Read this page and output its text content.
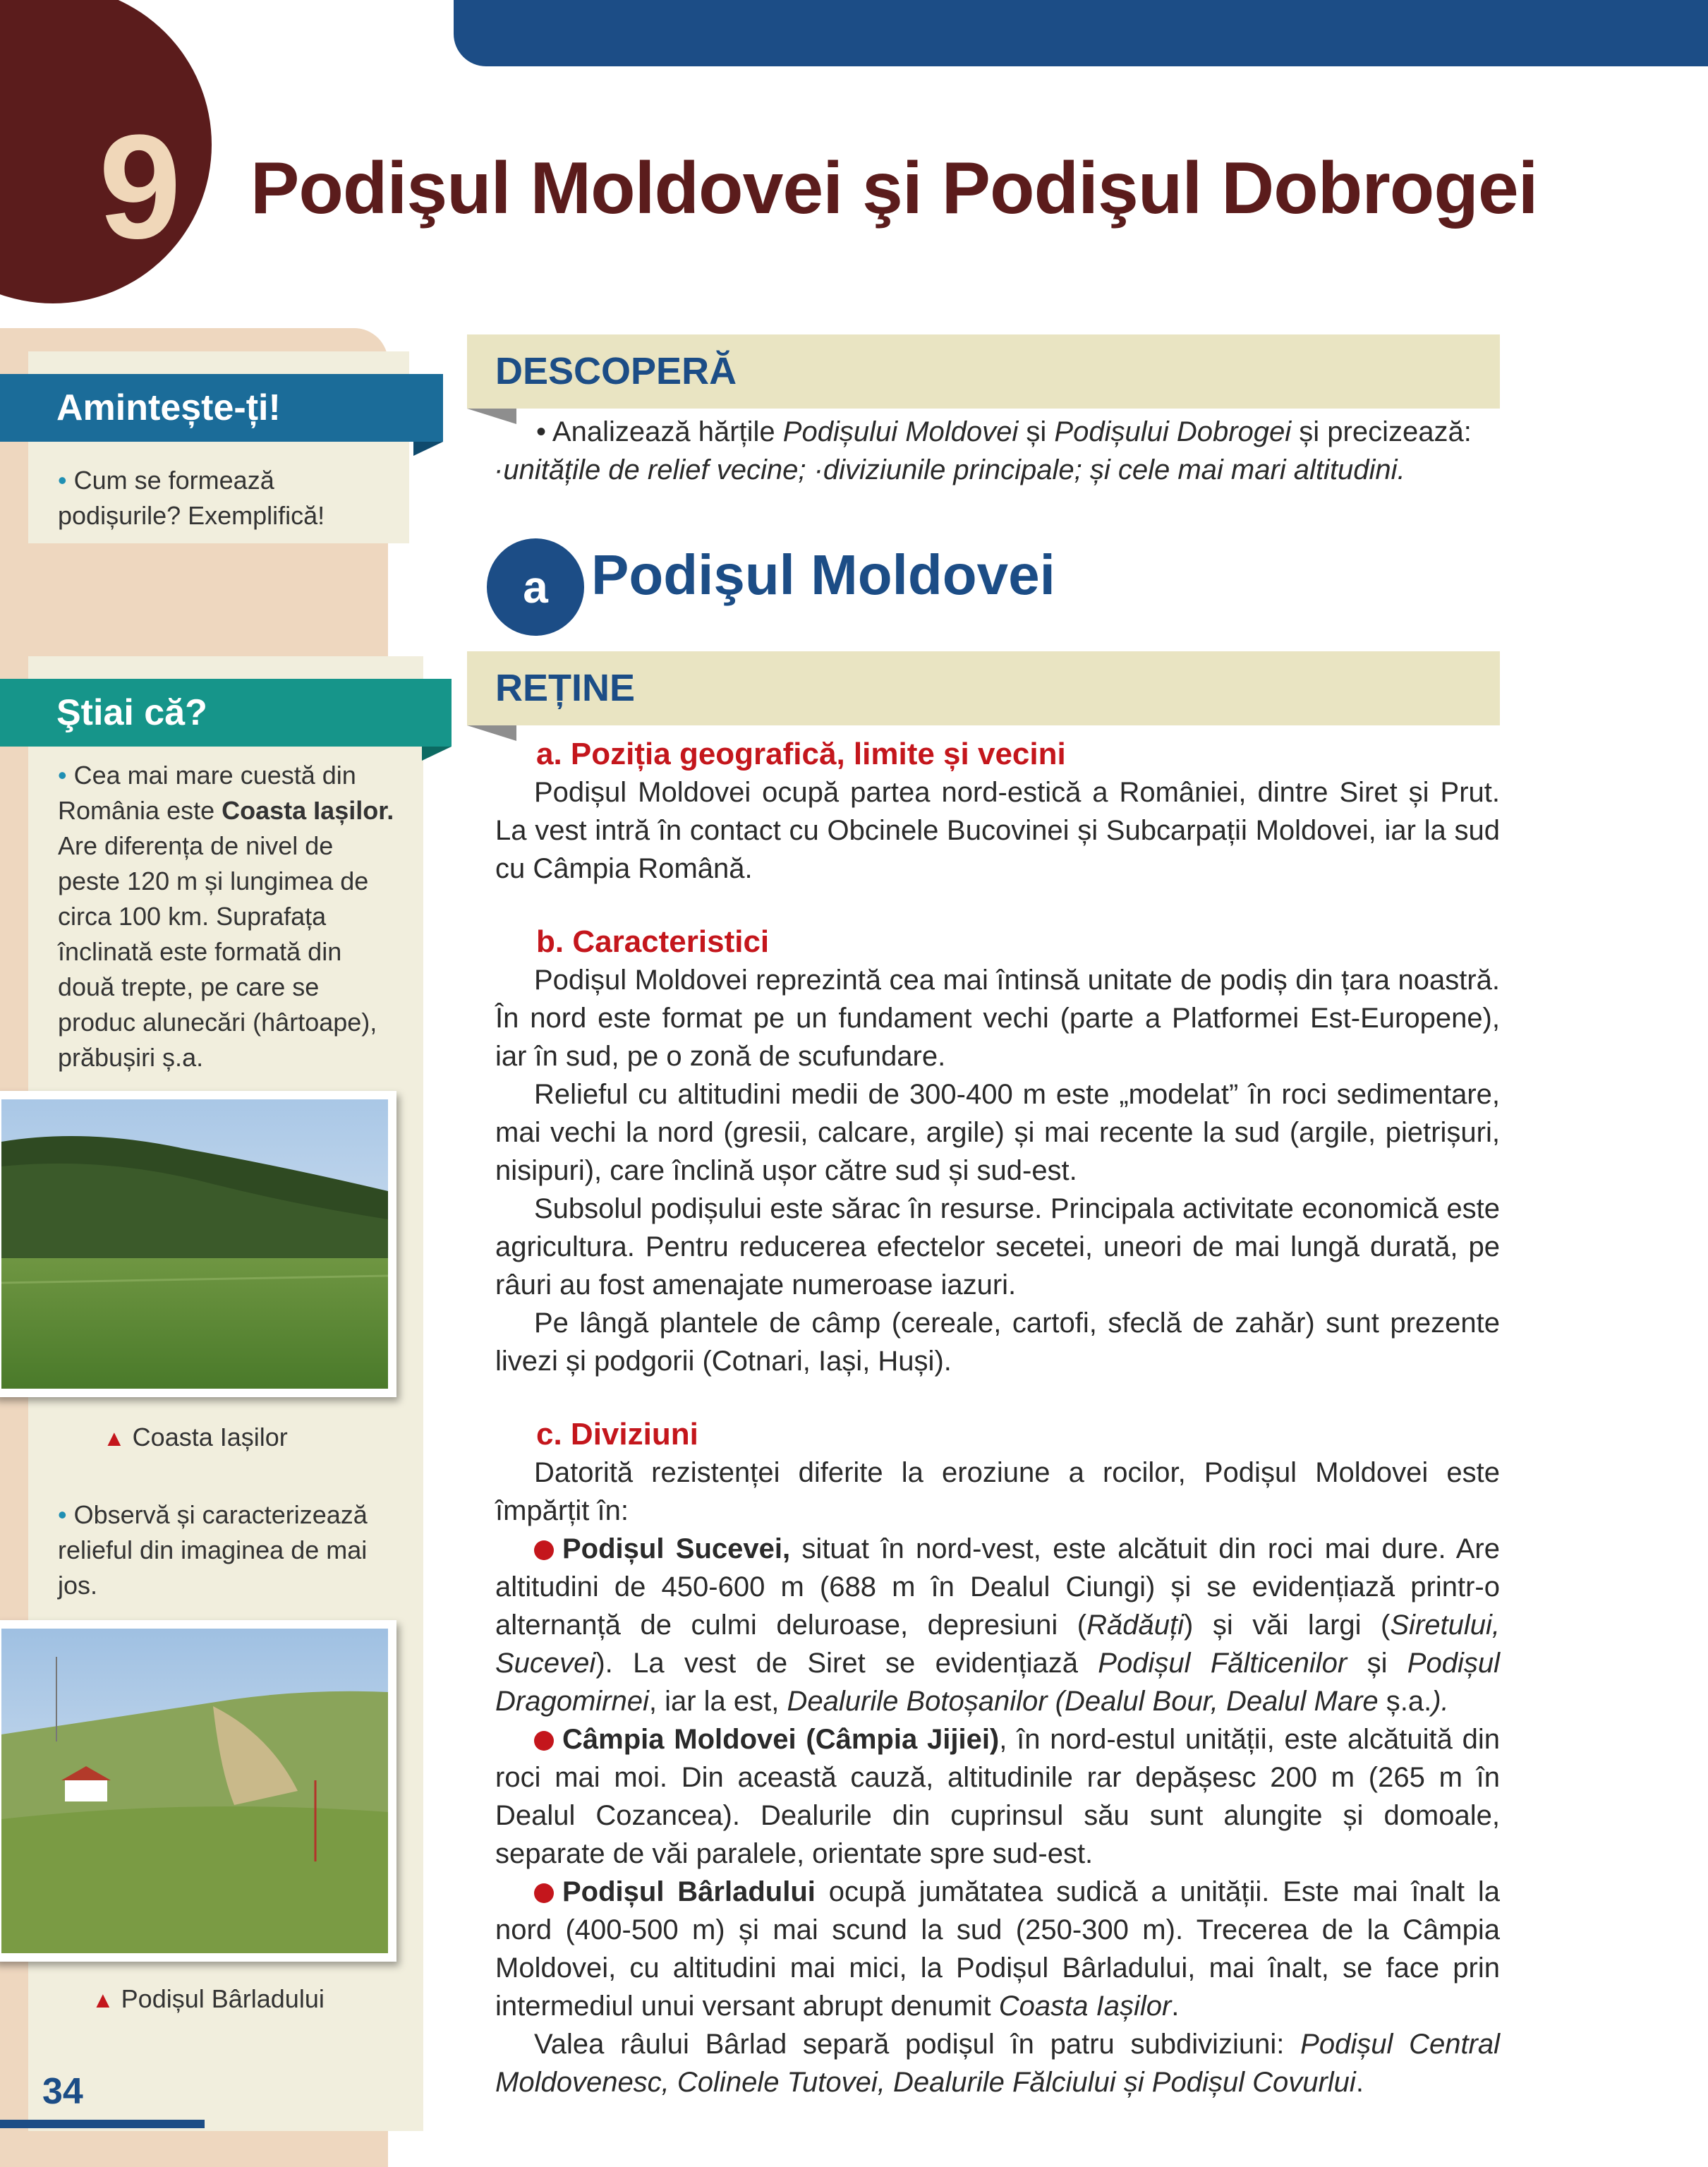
9 Podişul Moldovei şi Podişul Dobrogei
Amintește-ți!
• Cum se formează podișurile? Exemplifică!
Ştiai că?
• Cea mai mare cuestă din România este Coasta Iașilor. Are diferența de nivel de peste 120 m și lungimea de circa 100 km. Suprafața înclinată este formată din două trepte, pe care se produc alunecări (hârtoape), prăbușiri ș.a.
▲ Coasta Iașilor
• Observă și caracterizează relieful din imaginea de mai jos.
▲ Podișul Bârladului
34
DESCOPERĂ

• Analizează hărțile Podișului Moldovei și Podișului Dobrogei și precizează:

·unitățile de relief vecine; ·diviziunile principale; și cele mai mari altitudini.

a Podişul Moldovei
REȚINE
a. Poziția geografică, limite și vecini

Podișul Moldovei ocupă partea nord-estică a României, dintre Siret și Prut. La vest intră în contact cu Obcinele Bucovinei și Subcarpații Moldovei, iar la sud cu Câmpia Română.

b. Caracteristici

Podișul Moldovei reprezintă cea mai întinsă unitate de podiș din țara noastră. În nord este format pe un fundament vechi (parte a Platformei Est-Europene), iar în sud, pe o zonă de scufundare.

Relieful cu altitudini medii de 300-400 m este „modelat” în roci sedimentare, mai vechi la nord (gresii, calcare, argile) și mai recente la sud (argile, pietrișuri, nisipuri), care înclină ușor către sud și sud-est.

Subsolul podișului este sărac în resurse. Principala activitate economică este agricultura. Pentru reducerea efectelor secetei, uneori de mai lungă durată, pe râuri au fost amenajate numeroase iazuri.

Pe lângă plantele de câmp (cereale, cartofi, sfeclă de zahăr) sunt prezente livezi și podgorii (Cotnari, Iași, Huși).

c. Diviziuni

Datorită rezistenței diferite la eroziune a rocilor, Podișul Moldovei este împărțit în:

Podișul Sucevei, situat în nord-vest, este alcătuit din roci mai dure. Are altitudini de 450-600 m (688 m în Dealul Ciungi) și se evidențiază printr-o alternanță de culmi deluroase, depresiuni (Rădăuți) și văi largi (Siretului, Sucevei). La vest de Siret se evidențiază Podișul Fălticenilor și Podișul Dragomirnei, iar la est, Dealurile Botoșanilor (Dealul Bour, Dealul Mare ș.a.).

Câmpia Moldovei (Câmpia Jijiei), în nord-estul unității, este alcătuită din roci mai moi. Din această cauză, altitudinile rar depășesc 200 m (265 m în Dealul Cozancea). Dealurile din cuprinsul său sunt alungite și domoale, separate de văi paralele, orientate spre sud-est.

Podișul Bârladului ocupă jumătatea sudică a unității. Este mai înalt la nord (400-500 m) și mai scund la sud (250-300 m). Trecerea de la Câmpia Moldovei, cu altitudini mai mici, la Podișul Bârladului, mai înalt, se face prin intermediul unui versant abrupt denumit Coasta Iașilor.

Valea râului Bârlad separă podișul în patru subdiviziuni: Podișul Central Moldovenesc, Colinele Tutovei, Dealurile Fălciului și Podișul Covurlui.
